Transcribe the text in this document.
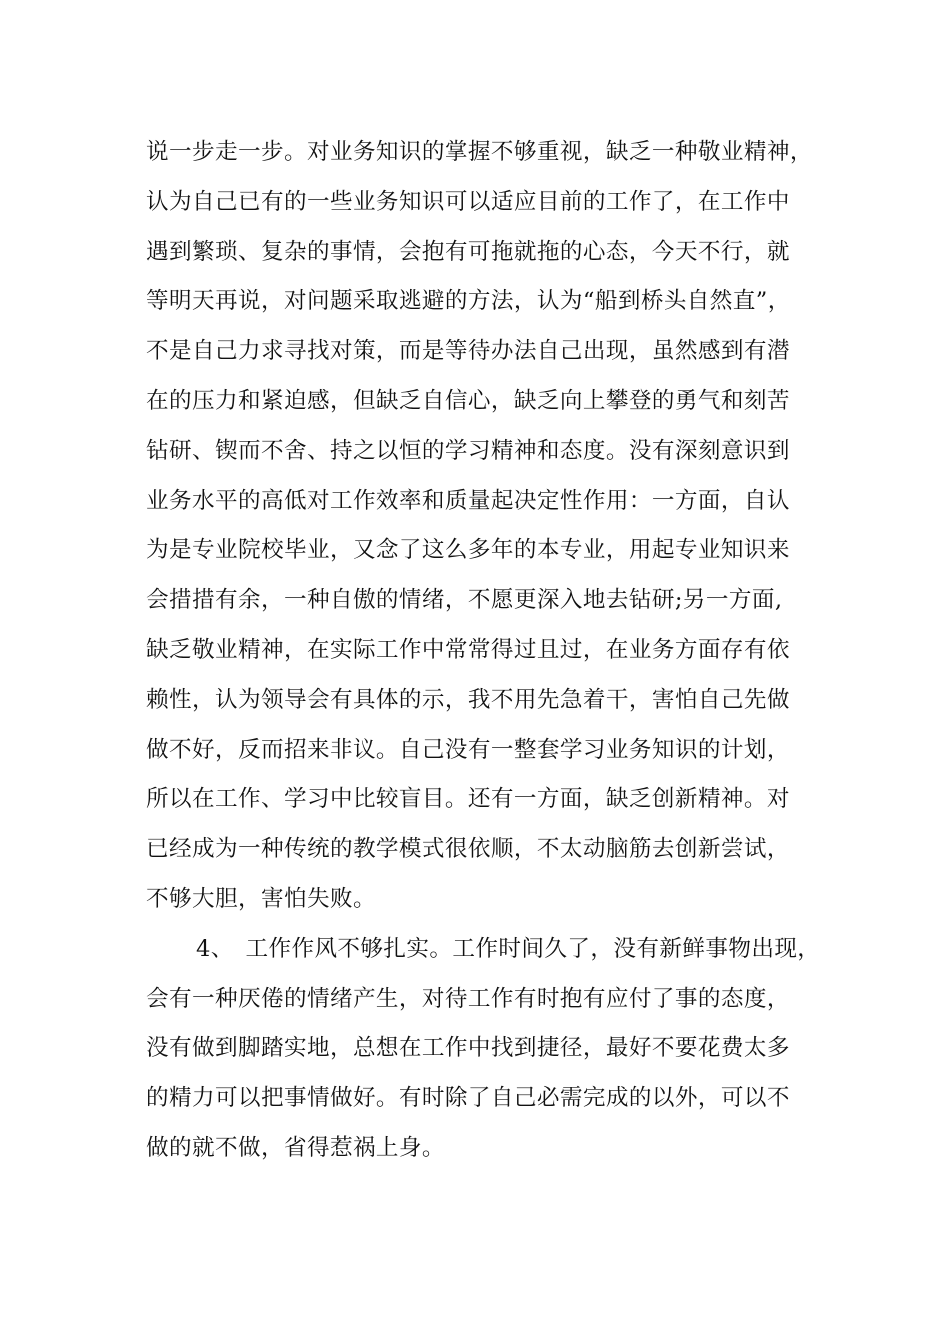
说一步走一步。对业务知识的掌握不够重视，缺乏一种敬业精神，
认为自己已有的一些业务知识可以适应目前的工作了，在工作中
遇到繁琐、复杂的事情，会抱有可拖就拖的心态，今天不行，就
等明天再说，对问题采取逃避的方法，认为“船到桥头自然直”，
不是自己力求寻找对策，而是等待办法自己出现，虽然感到有潜
在的压力和紧迫感，但缺乏自信心，缺乏向上攀登的勇气和刻苦
钻研、锲而不舍、持之以恒的学习精神和态度。没有深刻意识到
业务水平的高低对工作效率和质量起决定性作用：一方面，自认
为是专业院校毕业，又念了这么多年的本专业，用起专业知识来
会措措有余，一种自傲的情绪，不愿更深入地去钻研;另一方面,
缺乏敬业精神，在实际工作中常常得过且过，在业务方面存有依
赖性，认为领导会有具体的示，我不用先急着干，害怕自己先做
做不好，反而招来非议。自己没有一整套学习业务知识的计划，
所以在工作、学习中比较盲目。还有一方面，缺乏创新精神。对
已经成为一种传统的教学模式很依顺，不太动脑筋去创新尝试，
不够大胆，害怕失败。
4、　工作作风不够扎实。工作时间久了，没有新鲜事物出现，
会有一种厌倦的情绪产生，对待工作有时抱有应付了事的态度，
没有做到脚踏实地，总想在工作中找到捷径，最好不要花费太多
的精力可以把事情做好。有时除了自己必需完成的以外，可以不
做的就不做，省得惹祸上身。
